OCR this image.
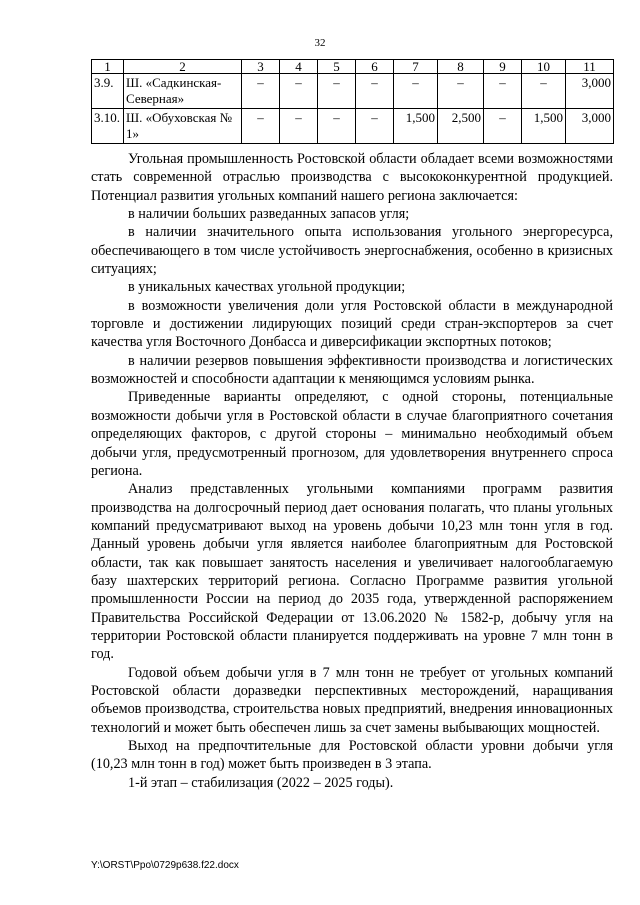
32
1	2	3	4	5	6	7	8	9	10	11
3.9.	Ш. «Садкинская-Северная»	–	–	–	–	–	–	–	–	3,000
3.10.	Ш. «Обуховская № 1»	–	–	–	–	1,500	2,500	–	1,500	3,000

Угольная промышленность Ростовской области обладает всеми возможностями стать современной отраслью производства с высококонкурентной продукцией. Потенциал развития угольных компаний нашего региона заключается:

в наличии больших разведанных запасов угля;

в наличии значительного опыта использования угольного энергоресурса, обеспечивающего в том числе устойчивость энергоснабжения, особенно в кризисных ситуациях;

в уникальных качествах угольной продукции;

в возможности увеличения доли угля Ростовской области в международной торговле и достижении лидирующих позиций среди стран-экспортеров за счет качества угля Восточного Донбасса и диверсификации экспортных потоков;

в наличии резервов повышения эффективности производства и логистических возможностей и способности адаптации к меняющимся условиям рынка.

Приведенные варианты определяют, с одной стороны, потенциальные возможности добычи угля в Ростовской области в случае благоприятного сочетания определяющих факторов, с другой стороны – минимально необходимый объем добычи угля, предусмотренный прогнозом, для удовлетворения внутреннего спроса региона.

Анализ представленных угольными компаниями программ развития производства на долгосрочный период дает основания полагать, что планы угольных компаний предусматривают выход на уровень добычи 10,23 млн тонн угля в год. Данный уровень добычи угля является наиболее благоприятным для Ростовской области, так как повышает занятость населения и увеличивает налогооблагаемую базу шахтерских территорий региона. Согласно Программе развития угольной промышленности России на период до 2035 года, утвержденной распоряжением Правительства Российской Федерации от 13.06.2020 № 1582-р, добычу угля на территории Ростовской области планируется поддерживать на уровне 7 млн тонн в год.

Годовой объем добычи угля в 7 млн тонн не требует от угольных компаний Ростовской области доразведки перспективных месторождений, наращивания объемов производства, строительства новых предприятий, внедрения инновационных технологий и может быть обеспечен лишь за счет замены выбывающих мощностей.

Выход на предпочтительные для Ростовской области уровни добычи угля (10,23 млн тонн в год) может быть произведен в 3 этапа.

1-й этап – стабилизация (2022 – 2025 годы).

Y:\ORST\Ppo\0729p638.f22.docx
